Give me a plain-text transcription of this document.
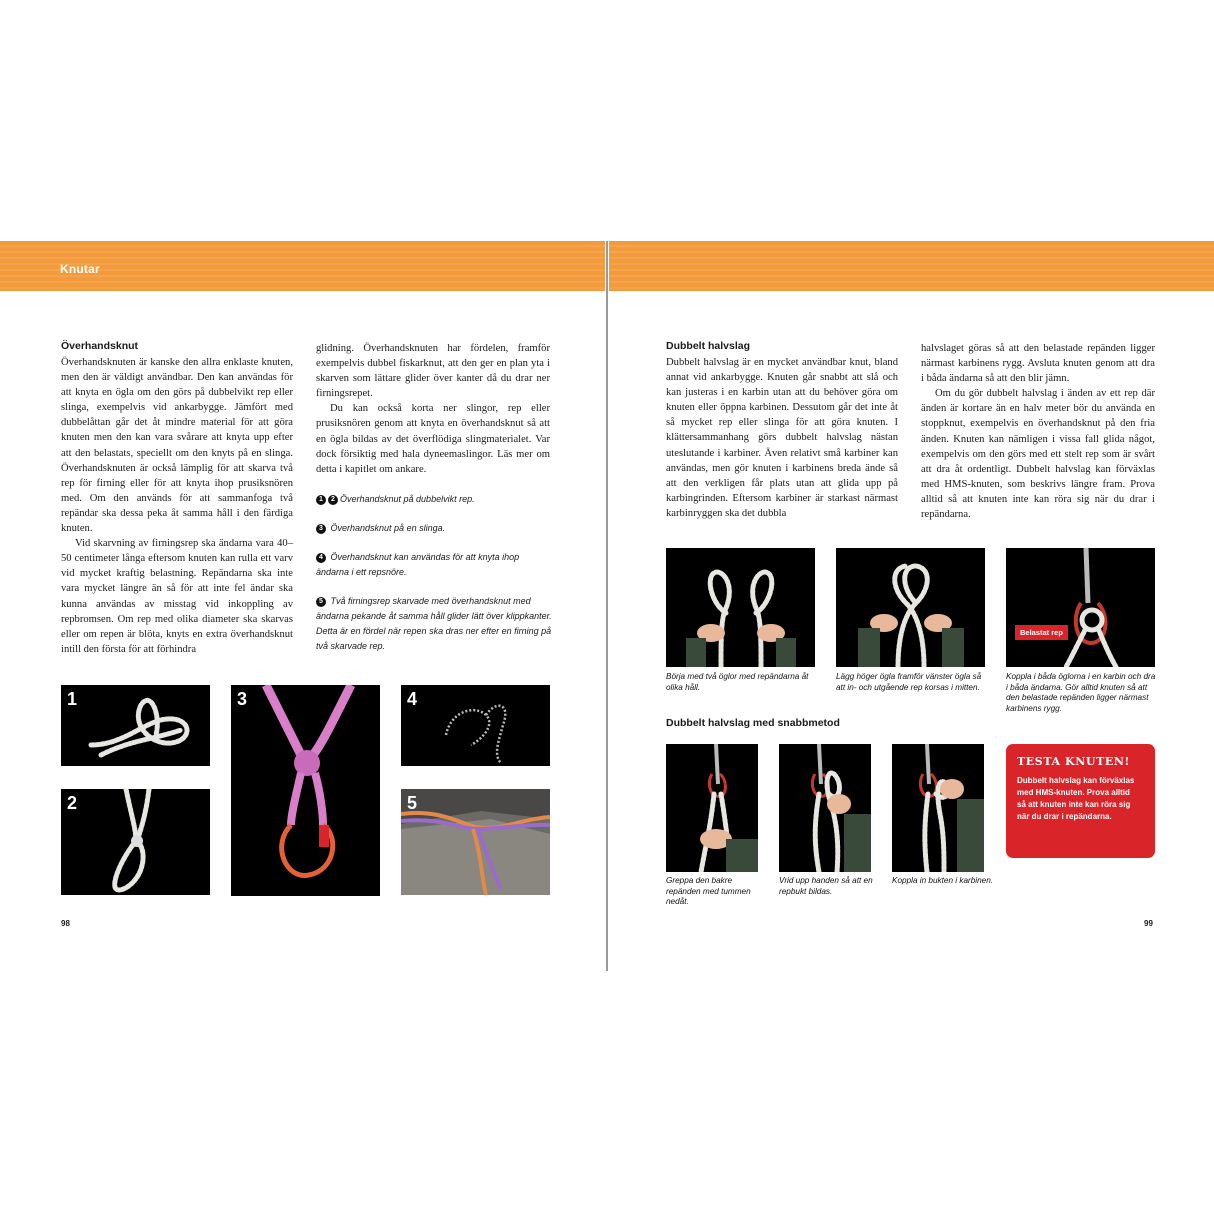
Knutar
Överhandsknut

Överhandsknuten är kanske den allra enklaste knuten, men den är väldigt användbar. Den kan användas för att knyta en ögla om den görs på dubbelvikt rep eller slinga, exempelvis vid ankarbygge. Jämfört med dubbelåttan går det åt mindre material för att göra knuten men den kan vara svårare att knyta upp efter att den belastats, speciellt om den knyts på en slinga. Överhandsknuten är också lämplig för att skarva två rep för firning eller för att knyta ihop prusiksnören med. Om den används för att sammanfoga två repändar ska dessa peka åt samma håll i den färdiga knuten.

Vid skarvning av firningsrep ska ändarna vara 40–50 centimeter långa eftersom knuten kan rulla ett varv vid mycket kraftig belastning. Repändarna ska inte vara mycket längre än så för att inte fel ändar ska kunna användas av misstag vid inkoppling av repbromsen. Om rep med olika diameter ska skarvas eller om repen är blöta, knyts en extra överhandsknut intill den första för att förhindra

glidning. Överhandsknuten har fördelen, framför exempelvis dubbel fiskarknut, att den ger en plan yta i skarven som lättare glider över kanter då du drar ner firningsrepet.

Du kan också korta ner slingor, rep eller prusiksnören genom att knyta en överhandsknut så att en ögla bildas av det överflödiga slingmaterialet. Var dock försiktig med hala dyneemaslingor. Läs mer om detta i kapitlet om ankare.

1 2 Överhandsknut på dubbelvikt rep.
3 Överhandsknut på en slinga.
4 Överhandsknut kan användas för att knyta ihop ändarna i ett repsnöre.
5 Två firningsrep skarvade med överhandsknut med ändarna pekande åt samma håll glider lätt över klippkanter. Detta är en fördel när repen ska dras ner efter en firning på två skarvade rep.
1
2
3	4
5
98
Dubbelt halvslag

Dubbelt halvslag är en mycket användbar knut, bland annat vid ankarbygge. Knuten går snabbt att slå och kan justeras i en karbin utan att du behöver göra om knuten eller öppna karbinen. Dessutom går det inte åt så mycket rep eller slinga för att göra knuten. I klättersammanhang görs dubbelt halvslag nästan uteslutande i karbiner. Även relativt små karbiner kan användas, men gör knuten i karbinens breda ände så att den verkligen får plats utan att glida upp på karbingrinden. Eftersom karbiner är starkast närmast karbinryggen ska det dubbla

halvslaget göras så att den belastade repänden ligger närmast karbinens rygg. Avsluta knuten genom att dra i båda ändarna så att den blir jämn.

Om du gör dubbelt halvslag i änden av ett rep där änden är kortare än en halv meter bör du använda en stoppknut, exempelvis en överhandsknut på den fria änden. Knuten kan nämligen i vissa fall glida något, exempelvis om den görs med ett stelt rep som är svårt att dra åt ordentligt. Dubbelt halvslag kan förväxlas med HMS-knuten, som beskrivs längre fram. Prova alltid så att knuten inte kan röra sig när du drar i repändarna.

Belastat rep
Börja med två öglor med repändarna åt olika håll.
Lägg höger ögla framför vänster ögla så att in- och utgående rep korsas i mitten.
Koppla i båda öglorna i en karbin och dra i båda ändarna. Gör alltid knuten så att den belastade repänden ligger närmast karbinens rygg.
Dubbelt halvslag med snabbmetod
Greppa den bakre repänden med tummen nedåt.
Vrid upp handen så att en repbukt bildas.
Koppla in bukten i karbinen.
TESTA KNUTEN!
Dubbelt halvslag kan förväxlas med HMS-knuten. Prova alltid så att knuten inte kan röra sig när du drar i repändarna.
99
